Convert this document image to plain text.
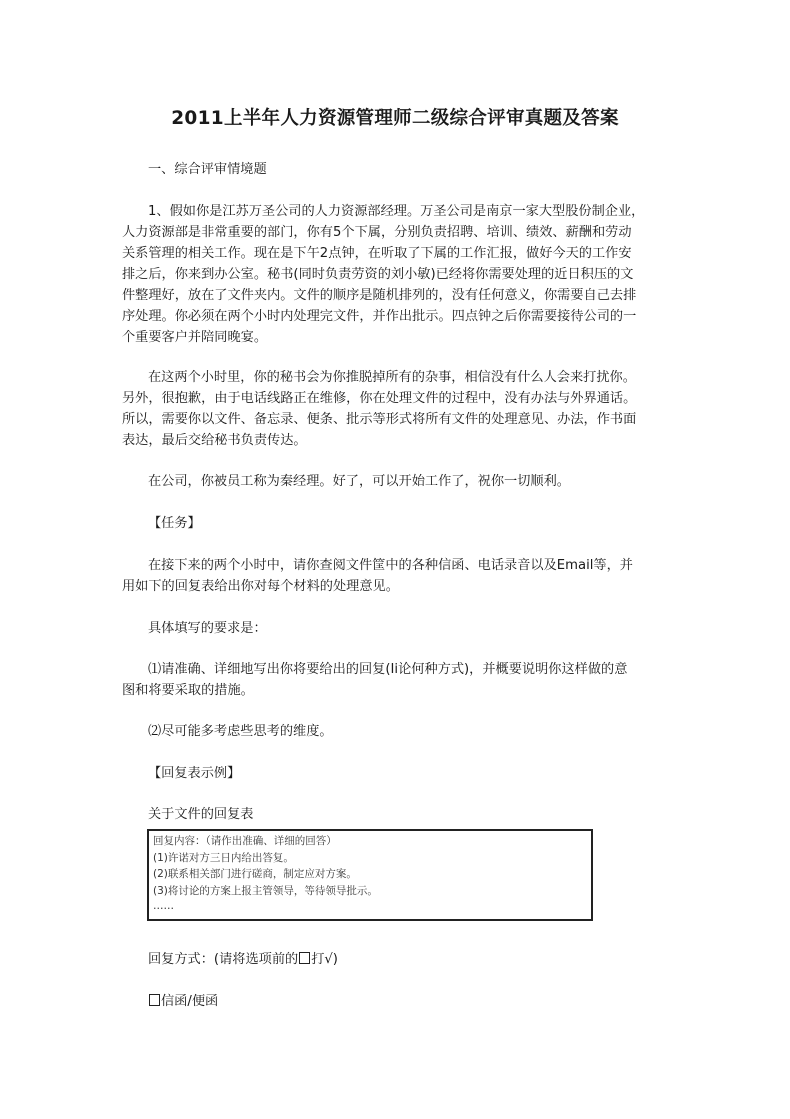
2011上半年人力资源管理师二级综合评审真题及答案
一、综合评审情境题
1、假如你是江苏万圣公司的人力资源部经理。万圣公司是南京一家大型股份制企业，
人力资源部是非常重要的部门，你有5个下属，分别负责招聘、培训、绩效、薪酬和劳动
关系管理的相关工作。现在是下午2点钟，在听取了下属的工作汇报，做好今天的工作安
排之后，你来到办公室。秘书(同时负责劳资的刘小敏)已经将你需要处理的近日积压的文
件整理好，放在了文件夹内。文件的顺序是随机排列的，没有任何意义，你需要自己去排
序处理。你必须在两个小时内处理完文件，并作出批示。四点钟之后你需要接待公司的一
个重要客户并陪同晚宴。
在这两个小时里，你的秘书会为你推脱掉所有的杂事，相信没有什么人会来打扰你。
另外，很抱歉，由于电话线路正在维修，你在处理文件的过程中，没有办法与外界通话。
所以，需要你以文件、备忘录、便条、批示等形式将所有文件的处理意见、办法，作书面
表达，最后交给秘书负责传达。
在公司，你被员工称为秦经理。好了，可以开始工作了，祝你一切顺利。
【任务】
在接下来的两个小时中，请你查阅文件筐中的各种信函、电话录音以及Email等，并
用如下的回复表给出你对每个材料的处理意见。
具体填写的要求是：
⑴请准确、详细地写出你将要给出的回复(Ii论何种方式)，并概要说明你这样做的意
图和将要采取的措施。
⑵尽可能多考虑些思考的维度。
【回复表示例】
关于文件的回复表
回复内容：（请作出准确、详细的回答）
(1)许诺对方三日内给出答复。
(2)联系相关部门进行磋商，制定应对方案。
(3)将讨论的方案上报主管领导，等待领导批示。
……
回复方式：(请将选项前的 打√)
信函/便函
